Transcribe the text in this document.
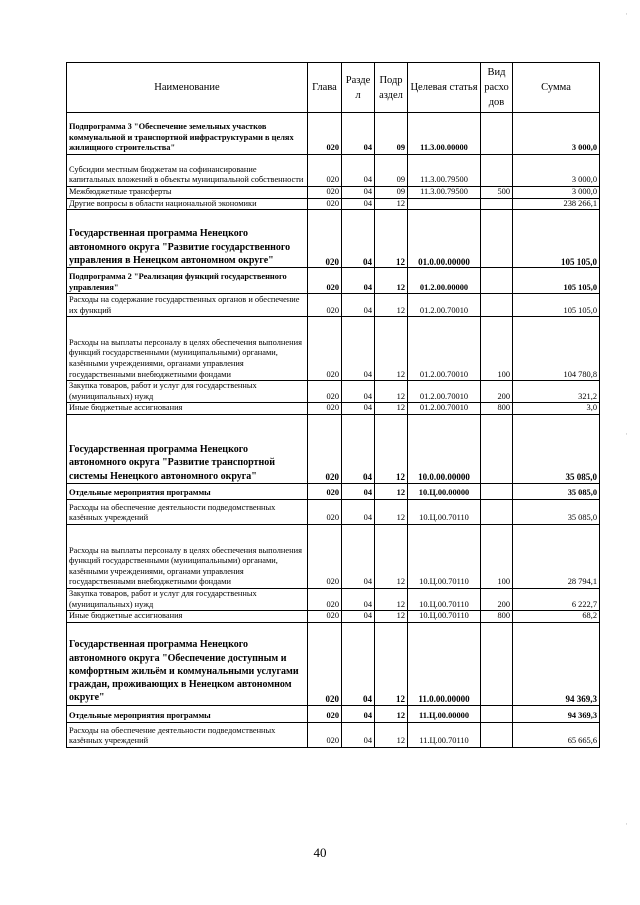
·
·
·
Наименование	Глава	Разде л	Подр аздел	Целевая статья	Вид расхо дов	Сумма
Подпрограмма 3 "Обеспечение земельных участков коммунальной и транспортной инфраструктурами в целях жилищного строительства"	020	04	09	11.3.00.00000		3 000,0
Субсидии местным бюджетам на софинансирование капитальных вложений в объекты муниципальной собственности	020	04	09	11.3.00.79500		3 000,0
Межбюджетные трансферты	020	04	09	11.3.00.79500	500	3 000,0
Другие вопросы в области национальной экономики	020	04	12			238 266,1
Государственная программа Ненецкого автономного округа "Развитие государственного управления в Ненецком автономном округе"	020	04	12	01.0.00.00000		105 105,0
Подпрограмма 2 "Реализация функций государственного управления"	020	04	12	01.2.00.00000		105 105,0
Расходы на содержание государственных органов и обеспечение их функций	020	04	12	01.2.00.70010		105 105,0
Расходы на выплаты персоналу в целях обеспечения выполнения функций государственными (муниципальными) органами, казёнными учреждениями, органами управления государственными внебюджетными фондами	020	04	12	01.2.00.70010	100	104 780,8
Закупка товаров, работ и услуг для государственных (муниципальных) нужд	020	04	12	01.2.00.70010	200	321,2
Иные бюджетные ассигнования	020	04	12	01.2.00.70010	800	3,0
Государственная программа Ненецкого автономного округа "Развитие транспортной системы Ненецкого автономного округа"	020	04	12	10.0.00.00000		35 085,0
Отдельные мероприятия программы	020	04	12	10.Ц.00.00000		35 085,0
Расходы на обеспечение деятельности подведомственных казённых учреждений	020	04	12	10.Ц.00.70110		35 085,0
Расходы на выплаты персоналу в целях обеспечения выполнения функций государственными (муниципальными) органами, казёнными учреждениями, органами управления государственными внебюджетными фондами	020	04	12	10.Ц.00.70110	100	28 794,1
Закупка товаров, работ и услуг для государственных (муниципальных) нужд	020	04	12	10.Ц.00.70110	200	6 222,7
Иные бюджетные ассигнования	020	04	12	10.Ц.00.70110	800	68,2
Государственная программа Ненецкого автономного округа "Обеспечение доступным и комфортным жильём и коммунальными услугами граждан, проживающих в Ненецком автономном округе"	020	04	12	11.0.00.00000		94 369,3
Отдельные мероприятия программы	020	04	12	11.Ц.00.00000		94 369,3
Расходы на обеспечение деятельности подведомственных казённых учреждений	020	04	12	11.Ц.00.70110		65 665,6
40
